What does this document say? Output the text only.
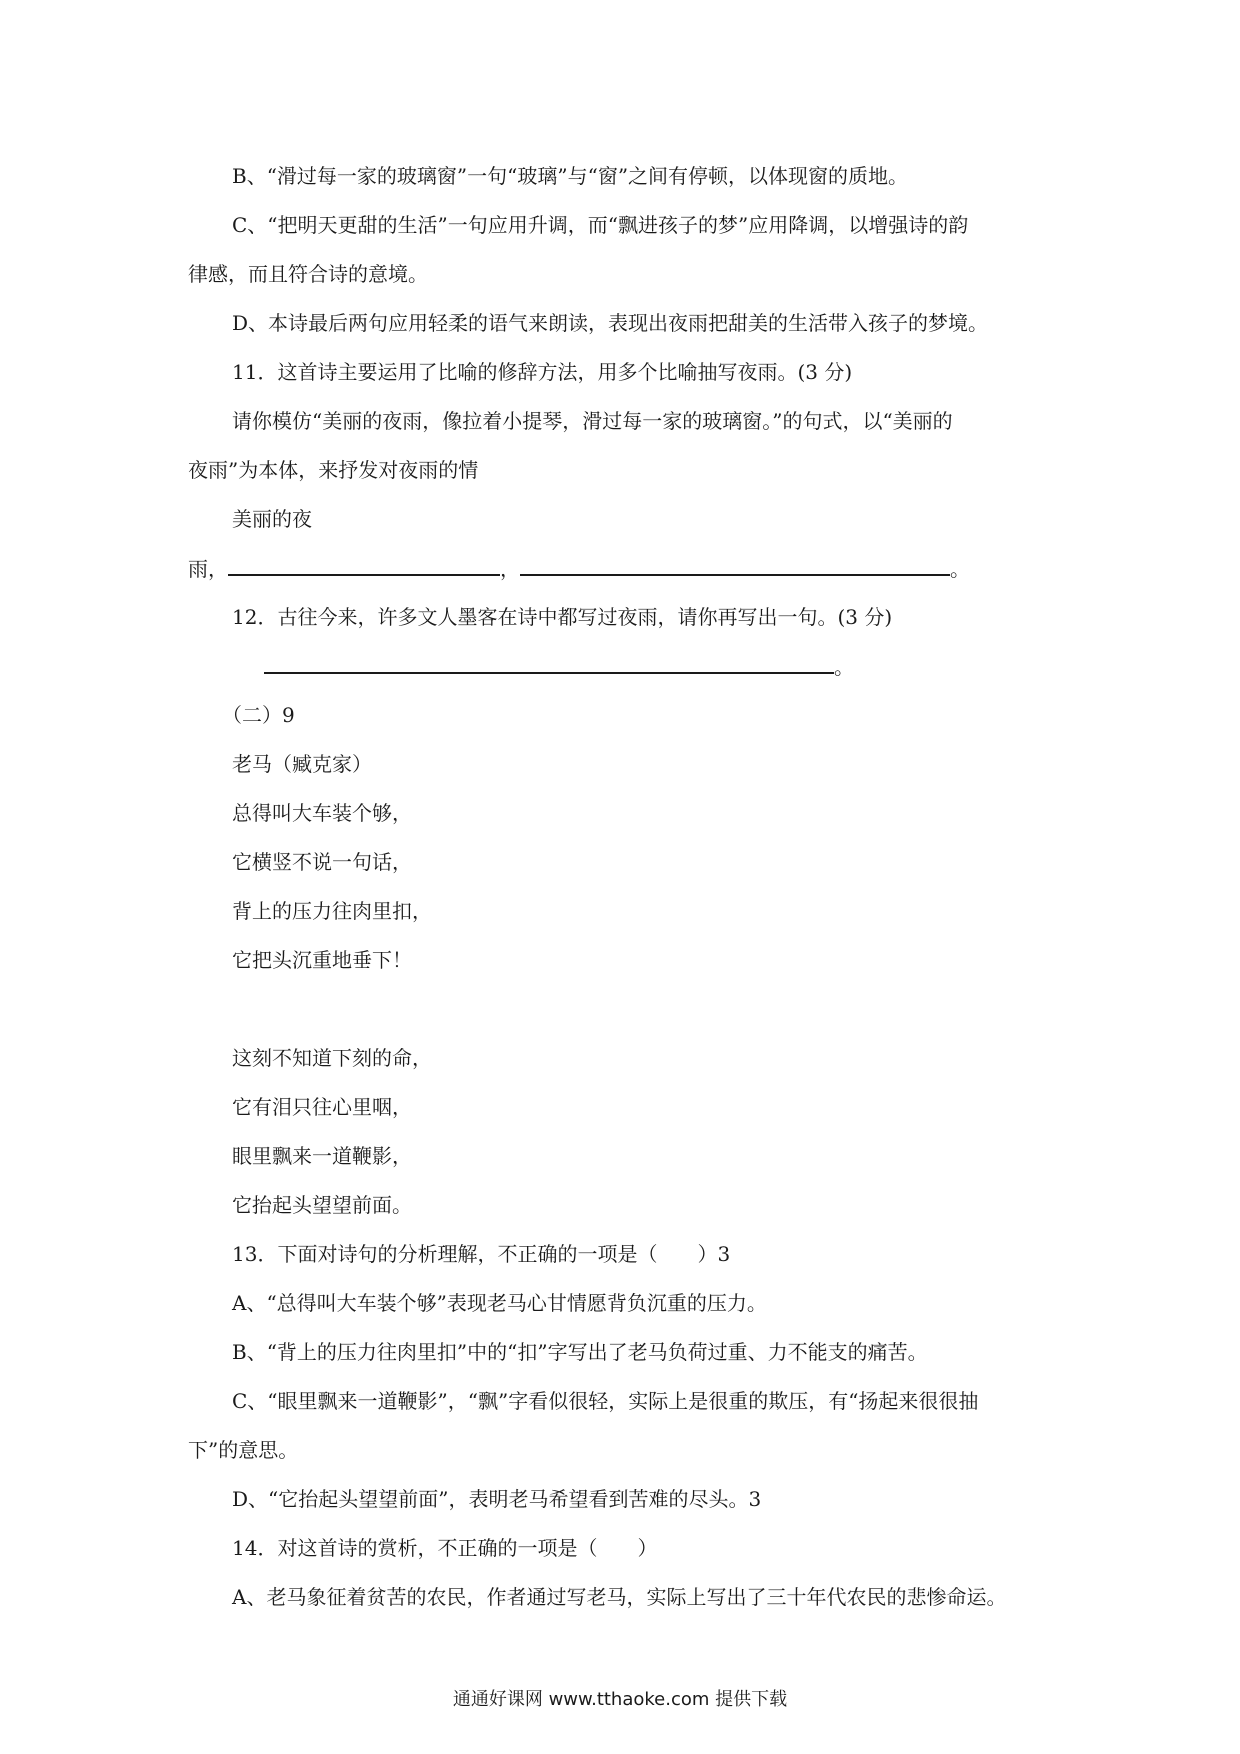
B、“滑过每一家的玻璃窗”一句“玻璃”与“窗”之间有停顿，以体现窗的质地。
C、“把明天更甜的生活”一句应用升调，而“飘进孩子的梦”应用降调，以增强诗的韵
律感，而且符合诗的意境。
D、本诗最后两句应用轻柔的语气来朗读，表现出夜雨把甜美的生活带入孩子的梦境。
11．这首诗主要运用了比喻的修辞方法，用多个比喻抽写夜雨。(3 分)
请你模仿“美丽的夜雨，像拉着小提琴，滑过每一家的玻璃窗。”的句式，以“美丽的
夜雨”为本体，来抒发对夜雨的情
美丽的夜
雨，	，	。
12．古往今来，许多文人墨客在诗中都写过夜雨，请你再写出一句。(3 分)
。
（二）9
老马（臧克家）
总得叫大车装个够，
它横竖不说一句话，
背上的压力往肉里扣，
它把头沉重地垂下！
这刻不知道下刻的命，
它有泪只往心里咽，
眼里飘来一道鞭影，
它抬起头望望前面。
13．下面对诗句的分析理解，不正确的一项是（　　）3
A、“总得叫大车装个够”表现老马心甘情愿背负沉重的压力。
B、“背上的压力往肉里扣”中的“扣”字写出了老马负荷过重、力不能支的痛苦。
C、“眼里飘来一道鞭影”，“飘”字看似很轻，实际上是很重的欺压，有“扬起来很很抽
下”的意思。
D、“它抬起头望望前面”，表明老马希望看到苦难的尽头。3
14．对这首诗的赏析，不正确的一项是（　　）
A、老马象征着贫苦的农民，作者通过写老马，实际上写出了三十年代农民的悲惨命运。
通通好课网 www.tthaoke.com 提供下载
